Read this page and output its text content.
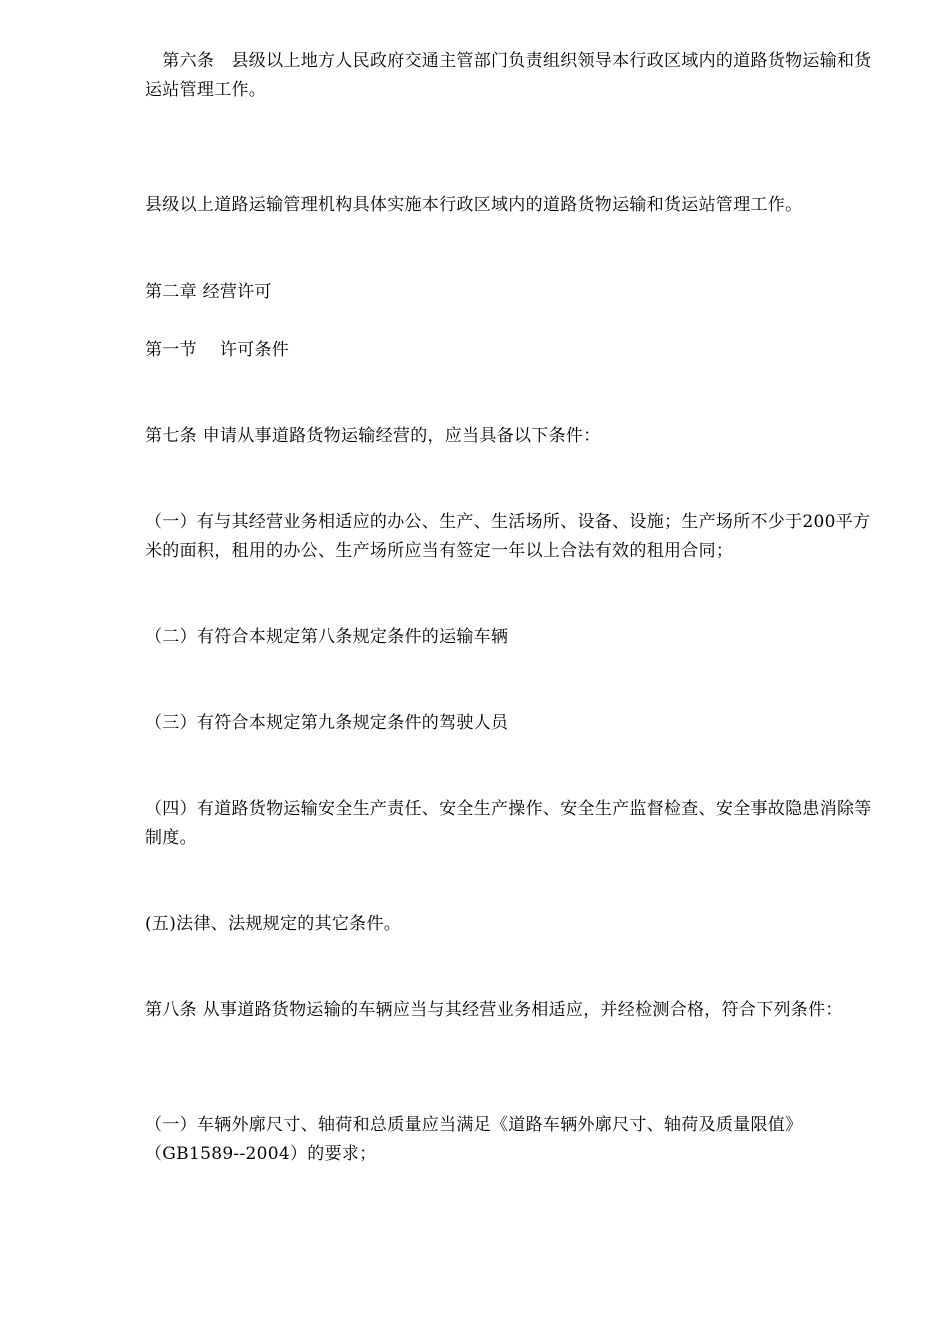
　第六条　县级以上地方人民政府交通主管部门负责组织领导本行政区域内的道路货物运输和货运站管理工作。

县级以上道路运输管理机构具体实施本行政区域内的道路货物运输和货运站管理工作。

第二章 经营许可

第一节　 许可条件

第七条 申请从事道路货物运输经营的，应当具备以下条件：

（一）有与其经营业务相适应的办公、生产、生活场所、设备、设施；生产场所不少于200平方米的面积，租用的办公、生产场所应当有签定一年以上合法有效的租用合同；

（二）有符合本规定第八条规定条件的运输车辆

（三）有符合本规定第九条规定条件的驾驶人员

（四）有道路货物运输安全生产责任、安全生产操作、安全生产监督检查、安全事故隐患消除等制度。

(五)法律、法规规定的其它条件。

第八条 从事道路货物运输的车辆应当与其经营业务相适应，并经检测合格，符合下列条件：

（一）车辆外廓尺寸、轴荷和总质量应当满足《道路车辆外廓尺寸、轴荷及质量限值》（GB1589--2004）的要求；
